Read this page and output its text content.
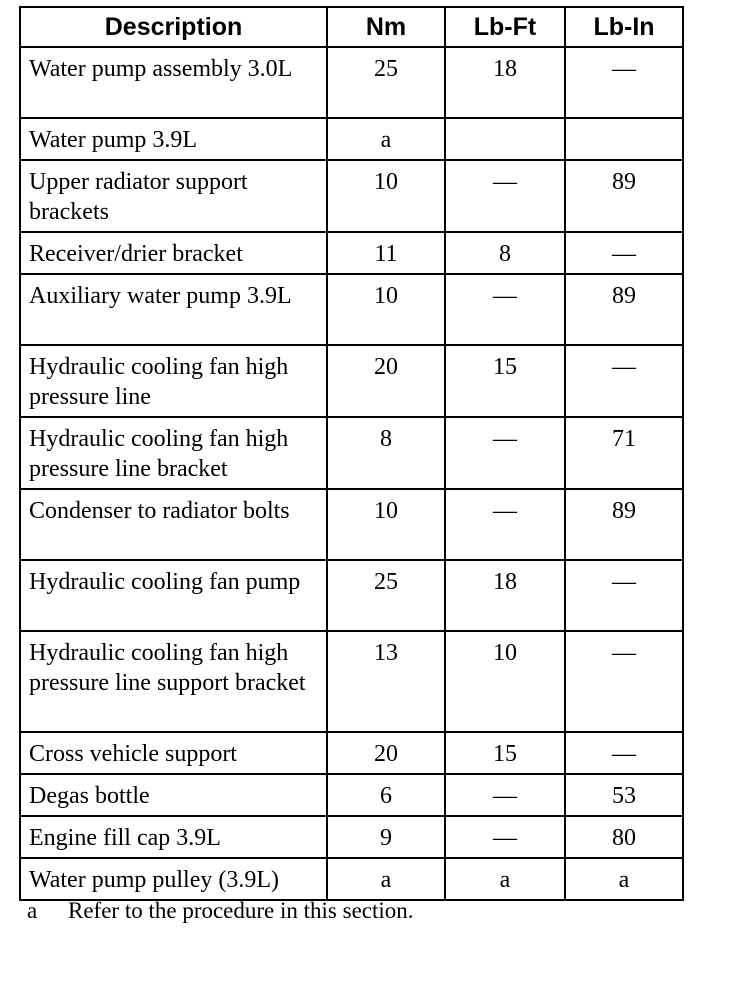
Description	Nm	Lb-Ft	Lb-In
Water pump assembly 3.0L	25	18	—
Water pump 3.9L	a		
Upper radiator support brackets	10	—	89
Receiver/drier bracket	11	8	—
Auxiliary water pump 3.9L	10	—	89
Hydraulic cooling fan high pressure line	20	15	—
Hydraulic cooling fan high pressure line bracket	8	—	71
Condenser to radiator bolts	10	—	89
Hydraulic cooling fan pump	25	18	—
Hydraulic cooling fan high pressure line support bracket	13	10	—
Cross vehicle support	20	15	—
Degas bottle	6	—	53
Engine fill cap 3.9L	9	—	80
Water pump pulley (3.9L)	a	a	a
a	Refer to the procedure in this section.
